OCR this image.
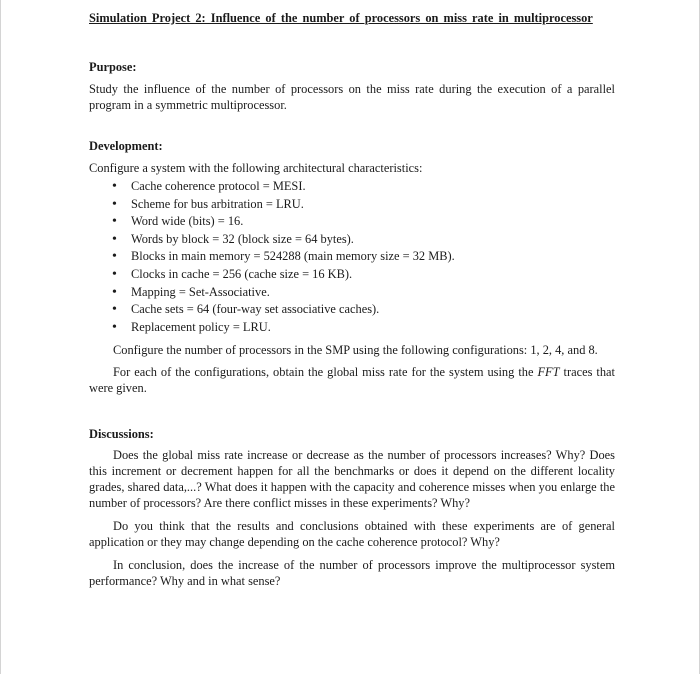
Simulation Project 2: Influence of the number of processors on miss rate in multiprocessor

Purpose:

Study the influence of the number of processors on the miss rate during the execution of a parallel program in a symmetric multiprocessor.

Development:

Configure a system with the following architectural characteristics:

• Cache coherence protocol = MESI.
• Scheme for bus arbitration = LRU.
• Word wide (bits) = 16.
• Words by block = 32 (block size = 64 bytes).
• Blocks in main memory = 524288 (main memory size = 32 MB).
• Clocks in cache = 256 (cache size = 16 KB).
• Mapping = Set-Associative.
• Cache sets = 64 (four-way set associative caches).
• Replacement policy = LRU.

Configure the number of processors in the SMP using the following configurations: 1, 2, 4, and 8.

For each of the configurations, obtain the global miss rate for the system using the FFT traces that were given.

Discussions:

Does the global miss rate increase or decrease as the number of processors increases? Why? Does this increment or decrement happen for all the benchmarks or does it depend on the different locality grades, shared data,...? What does it happen with the capacity and coherence misses when you enlarge the number of processors? Are there conflict misses in these experiments? Why?

Do you think that the results and conclusions obtained with these experiments are of general application or they may change depending on the cache coherence protocol? Why?

In conclusion, does the increase of the number of processors improve the multiprocessor system performance? Why and in what sense?
